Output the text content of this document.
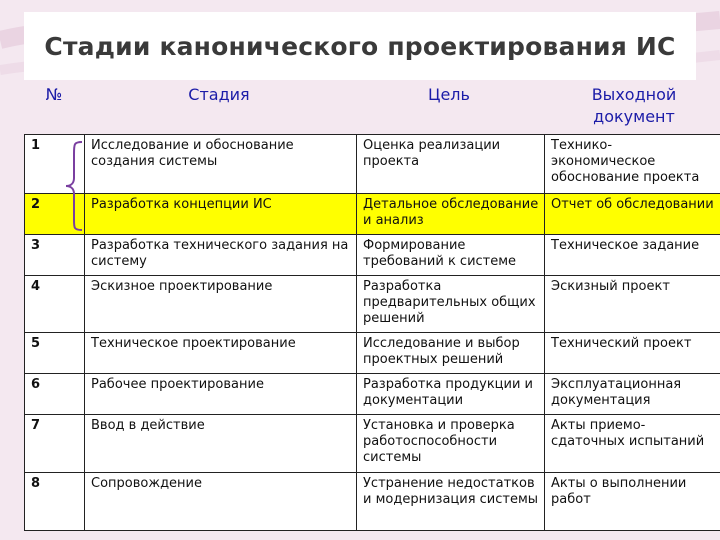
Стадии канонического проектирования ИС
№	Стадия	Цель	Выходной документ
1	Исследование и обоснование создания системы	Оценка реализации проекта	Технико-экономическое обоснование проекта
2	Разработка концепции ИС	Детальное обследование и анализ	Отчет об обследовании
3	Разработка технического задания на систему	Формирование требований к системе	Техническое задание
4	Эскизное проектирование	Разработка предварительных общих решений	Эскизный проект
5	Техническое проектирование	Исследование и выбор проектных решений	Технический проект
6	Рабочее проектирование	Разработка продукции и документации	Эксплуатационная документация
7	Ввод в действие	Установка и проверка работоспособности системы	Акты приемо-сдаточных испытаний
8	Сопровождение	Устранение недостатков и модернизация системы	Акты о выполнении работ
